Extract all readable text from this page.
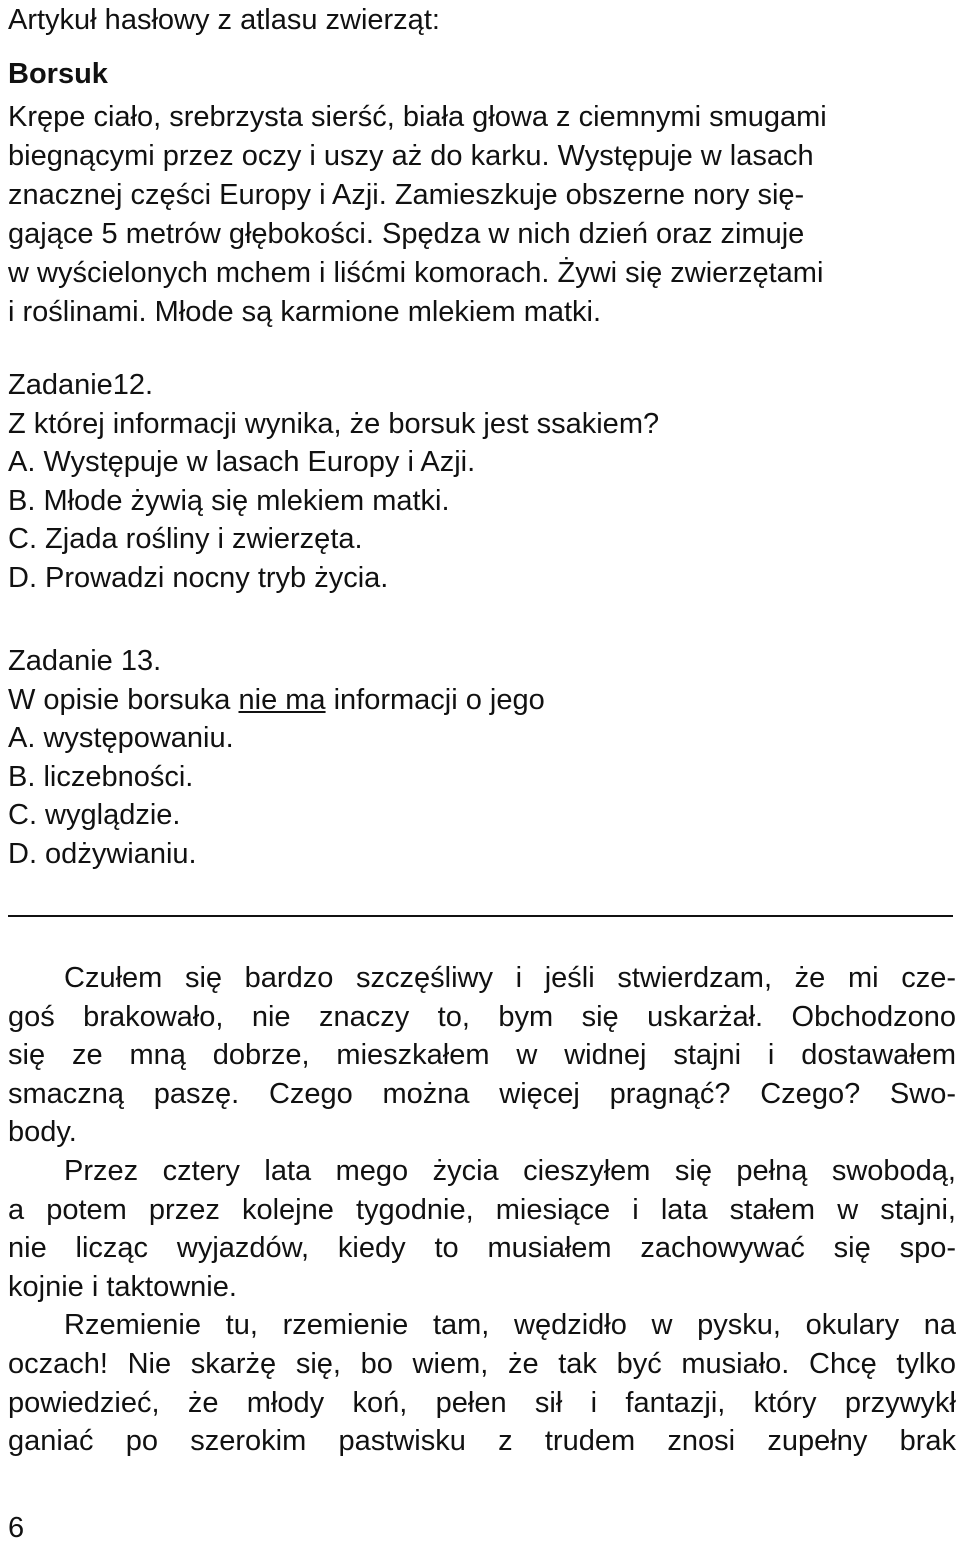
Artykuł hasłowy z atlasu zwierząt:
Borsuk
Krępe ciało, srebrzysta sierść, biała głowa z ciemnymi smugami
biegnącymi przez oczy i uszy aż do karku. Występuje w lasach
znacznej części Europy i Azji. Zamieszkuje obszerne nory się-
gające 5 metrów głębokości. Spędza w nich dzień oraz zimuje
w wyścielonych mchem i liśćmi komorach. Żywi się zwierzętami
i roślinami. Młode są karmione mlekiem matki.
Zadanie12.
Z której informacji wynika, że borsuk jest ssakiem?
A. Występuje w lasach Europy i Azji.
B. Młode żywią się mlekiem matki.
C. Zjada rośliny i zwierzęta.
D. Prowadzi nocny tryb życia.
Zadanie 13.
W opisie borsuka nie ma informacji o jego
A. występowaniu.
B. liczebności.
C. wyglądzie.
D. odżywianiu.
Czułem się bardzo szczęśliwy i jeśli stwierdzam, że mi cze-
goś brakowało, nie znaczy to, bym się uskarżał. Obchodzono
się ze mną dobrze, mieszkałem w widnej stajni i dostawałem
smaczną paszę. Czego można więcej pragnąć? Czego? Swo-
body.
Przez cztery lata mego życia cieszyłem się pełną swobodą,
a potem przez kolejne tygodnie, miesiące i lata stałem w stajni,
nie licząc wyjazdów, kiedy to musiałem zachowywać się spo-
kojnie i taktownie.
Rzemienie tu, rzemienie tam, wędzidło w pysku, okulary na
oczach! Nie skarżę się, bo wiem, że tak być musiało. Chcę tylko
powiedzieć, że młody koń, pełen sił i fantazji, który przywykł
ganiać po szerokim pastwisku z trudem znosi zupełny brak
6
